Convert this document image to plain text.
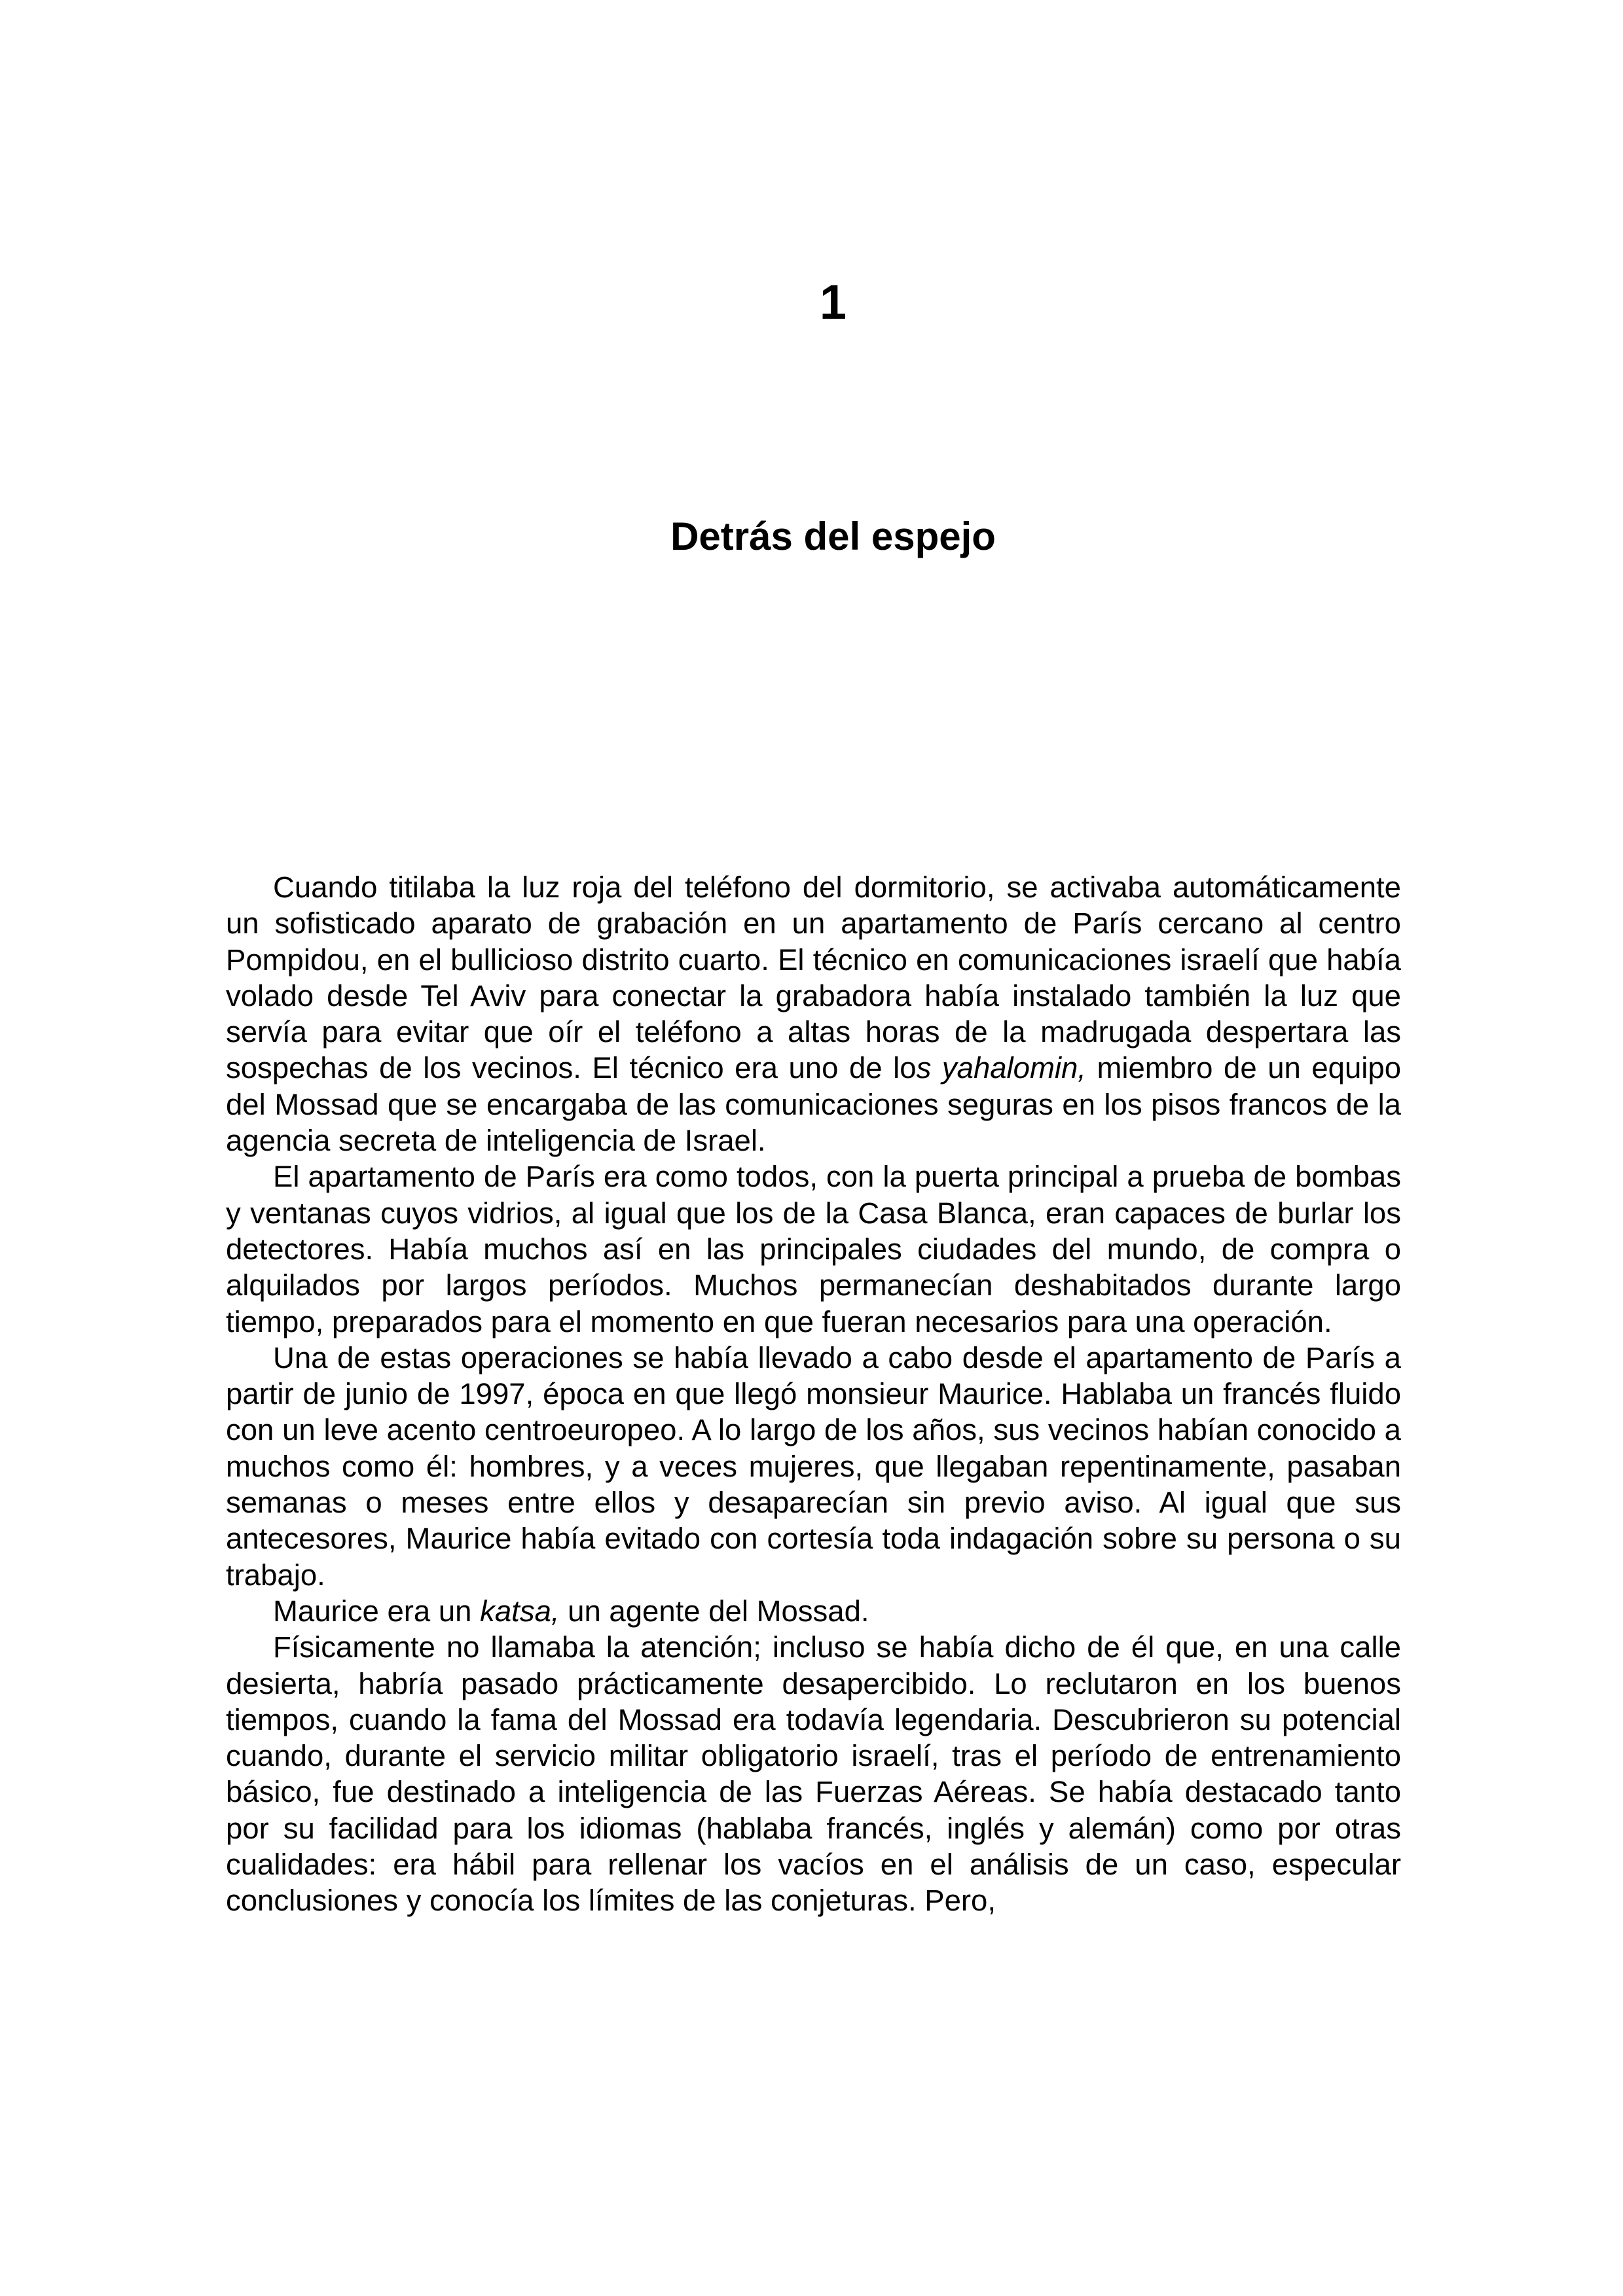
1
Detrás del espejo

Cuando titilaba la luz roja del teléfono del dormitorio, se activaba automáticamente un sofisticado aparato de grabación en un apartamento de París cercano al centro Pompidou, en el bullicioso distrito cuarto. El técnico en comunicaciones israelí que había volado desde Tel Aviv para conectar la grabadora había instalado también la luz que servía para evitar que oír el teléfono a altas horas de la madrugada despertara las sospechas de los vecinos. El técnico era uno de los yahalomin, miembro de un equipo del Mossad que se encargaba de las comunicaciones seguras en los pisos francos de la agencia secreta de inteligencia de Israel.

El apartamento de París era como todos, con la puerta principal a prueba de bombas y ventanas cuyos vidrios, al igual que los de la Casa Blanca, eran capaces de burlar los detectores. Había muchos así en las principales ciudades del mundo, de compra o alquilados por largos períodos. Muchos permanecían deshabitados durante largo tiempo, preparados para el momento en que fueran necesarios para una operación.

Una de estas operaciones se había llevado a cabo desde el apartamento de París a partir de junio de 1997, época en que llegó monsieur Maurice. Hablaba un francés fluido con un leve acento centroeuropeo. A lo largo de los años, sus vecinos habían conocido a muchos como él: hombres, y a veces mujeres, que llegaban repentinamente, pasaban semanas o meses entre ellos y desaparecían sin previo aviso. Al igual que sus antecesores, Maurice había evitado con cortesía toda indagación sobre su persona o su trabajo.

Maurice era un katsa, un agente del Mossad.

Físicamente no llamaba la atención; incluso se había dicho de él que, en una calle desierta, habría pasado prácticamente desapercibido. Lo reclutaron en los buenos tiempos, cuando la fama del Mossad era todavía legendaria. Descubrieron su potencial cuando, durante el servicio militar obligatorio israelí, tras el período de entrenamiento básico, fue destinado a inteligencia de las Fuerzas Aéreas. Se había destacado tanto por su facilidad para los idiomas (hablaba francés, inglés y alemán) como por otras cualidades: era hábil para rellenar los vacíos en el análisis de un caso, especular conclusiones y conocía los límites de las conjeturas. Pero,
